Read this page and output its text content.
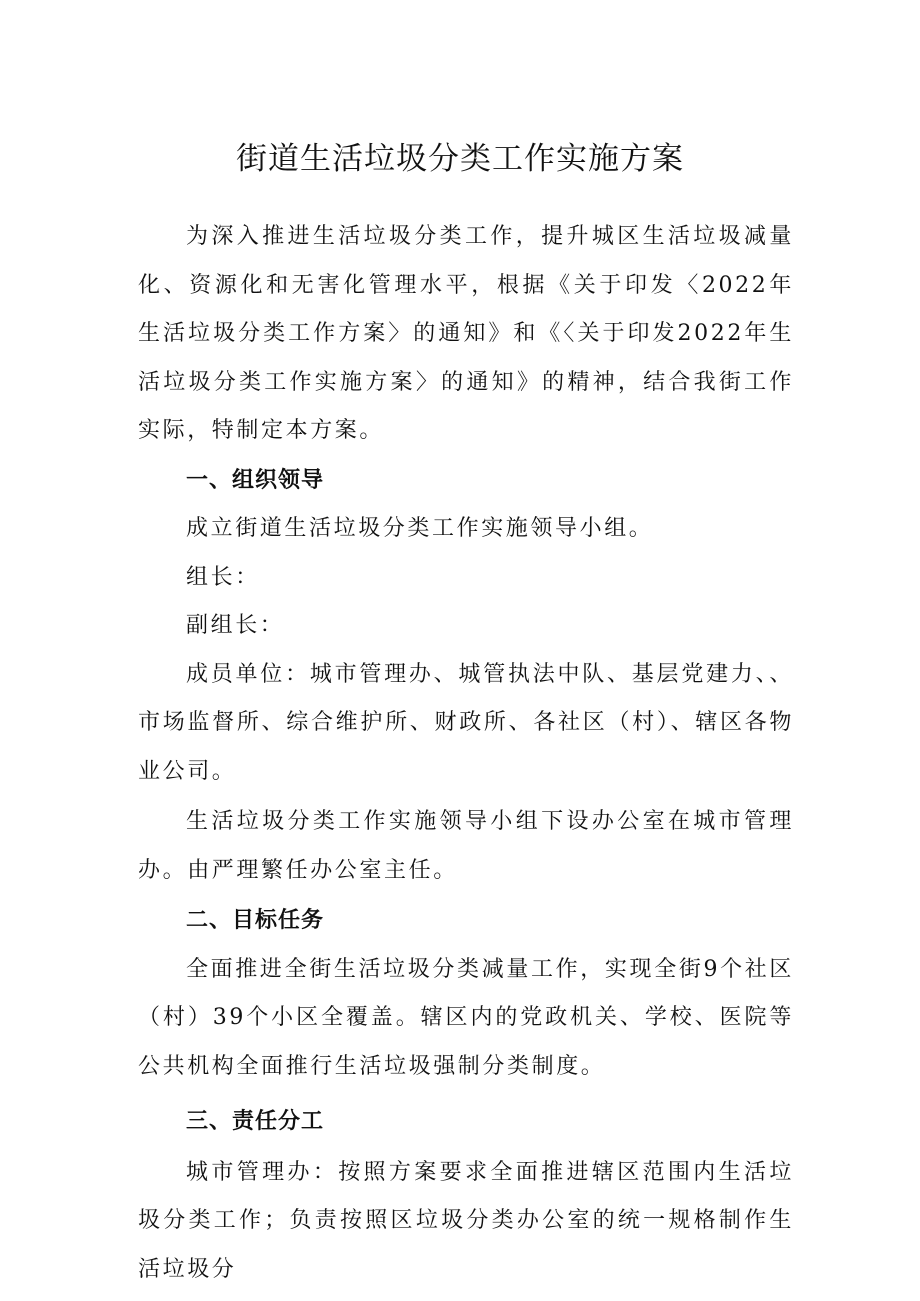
街道生活垃圾分类工作实施方案

为深入推进生活垃圾分类工作，提升城区生活垃圾减量化、资源化和无害化管理水平，根据《关于印发〈2022年生活垃圾分类工作方案〉的通知》和《〈关于印发2022年生活垃圾分类工作实施方案〉的通知》的精神，结合我街工作实际，特制定本方案。

一、组织领导

成立街道生活垃圾分类工作实施领导小组。

组长：

副组长：

成员单位：城市管理办、城管执法中队、基层党建力、、市场监督所、综合维护所、财政所、各社区（村）、辖区各物业公司。

生活垃圾分类工作实施领导小组下设办公室在城市管理办。由严理繁任办公室主任。

二、目标任务

全面推进全街生活垃圾分类减量工作，实现全街9个社区（村）39个小区全覆盖。辖区内的党政机关、学校、医院等公共机构全面推行生活垃圾强制分类制度。

三、责任分工

城市管理办：按照方案要求全面推进辖区范围内生活垃圾分类工作；负责按照区垃圾分类办公室的统一规格制作生活垃圾分
